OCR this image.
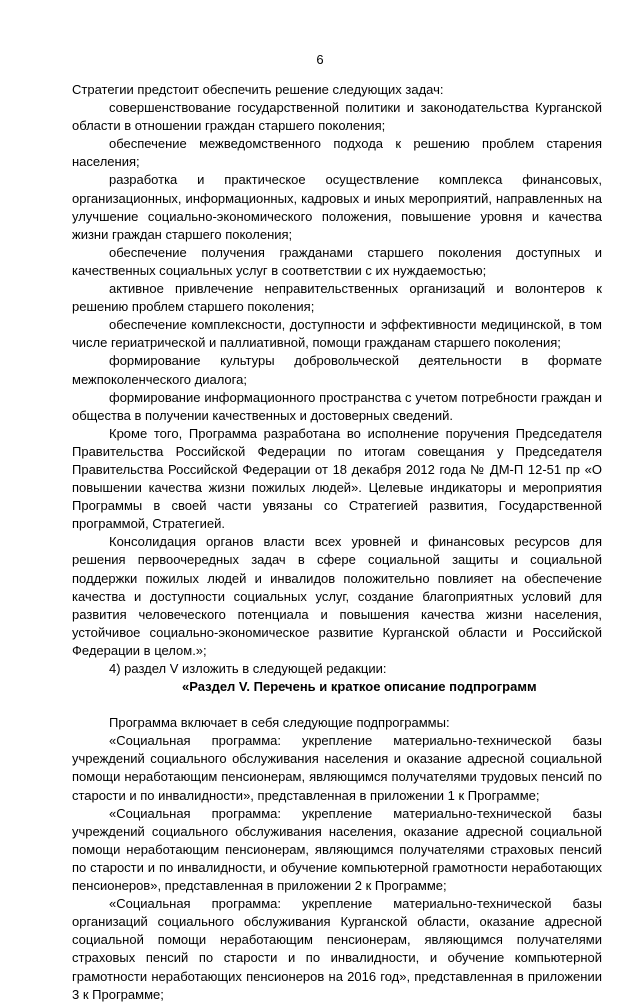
6

Стратегии предстоит обеспечить решение следующих задач:

совершенствование государственной политики и законодательства Курганской области в отношении граждан старшего поколения;

обеспечение межведомственного подхода к решению проблем старения населения;

разработка и практическое осуществление комплекса финансовых, организационных, информационных, кадровых и иных мероприятий, направленных на улучшение социально-экономического положения, повышение уровня и качества жизни граждан старшего поколения;

обеспечение получения гражданами старшего поколения доступных и качественных социальных услуг в соответствии с их нуждаемостью;

активное привлечение неправительственных организаций и волонтеров к решению проблем старшего поколения;

обеспечение комплексности, доступности и эффективности медицинской, в том числе гериатрической и паллиативной, помощи гражданам старшего поколения;

формирование культуры добровольческой деятельности в формате межпоколенческого диалога;

формирование информационного пространства с учетом потребности граждан и общества в получении качественных и достоверных сведений.

Кроме того, Программа разработана во исполнение поручения Председателя Правительства Российской Федерации по итогам совещания у Председателя Правительства Российской Федерации от 18 декабря 2012 года № ДМ-П 12-51 пр «О повышении качества жизни пожилых людей». Целевые индикаторы и мероприятия Программы в своей части увязаны со Стратегией развития, Государственной программой, Стратегией.

Консолидация органов власти всех уровней и финансовых ресурсов для решения первоочередных задач в сфере социальной защиты и социальной поддержки пожилых людей и инвалидов положительно повлияет на обеспечение качества и доступности социальных услуг, создание благоприятных условий для развития человеческого потенциала и повышения качества жизни населения, устойчивое социально-экономическое развитие Курганской области и Российской Федерации в целом.»;

4) раздел V изложить в следующей редакции:

«Раздел V. Перечень и краткое описание подпрограмм

Программа включает в себя следующие подпрограммы:

«Социальная программа: укрепление материально-технической базы учреждений социального обслуживания населения и оказание адресной социальной помощи неработающим пенсионерам, являющимся получателями трудовых пенсий по старости и по инвалидности», представленная в приложении 1 к Программе;

«Социальная программа: укрепление материально-технической базы учреждений социального обслуживания населения, оказание адресной социальной помощи неработающим пенсионерам, являющимся получателями страховых пенсий по старости и по инвалидности, и обучение компьютерной грамотности неработающих пенсионеров», представленная в приложении 2 к Программе;

«Социальная программа: укрепление материально-технической базы организаций социального обслуживания Курганской области, оказание адресной социальной помощи неработающим пенсионерам, являющимся получателями страховых пенсий по старости и по инвалидности, и обучение компьютерной грамотности неработающих пенсионеров на 2016 год», представленная в приложении 3 к Программе;
